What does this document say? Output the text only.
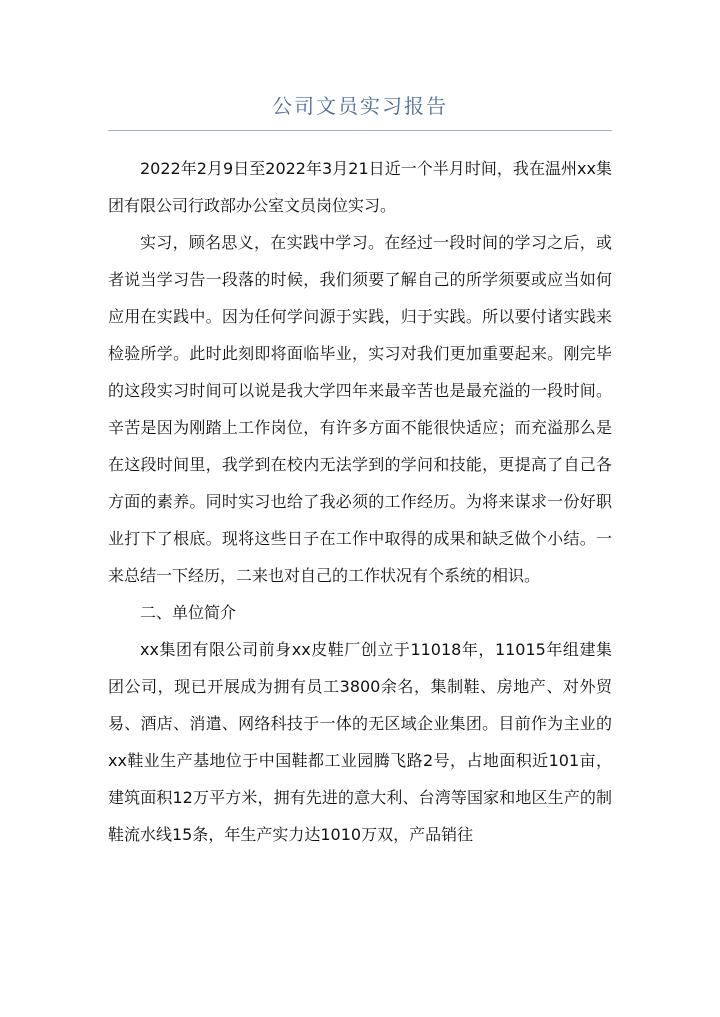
公司文员实习报告

2022年2月9日至2022年3月21日近一个半月时间，我在温州xx集团有限公司行政部办公室文员岗位实习。

实习，顾名思义，在实践中学习。在经过一段时间的学习之后，或者说当学习告一段落的时候，我们须要了解自己的所学须要或应当如何应用在实践中。因为任何学问源于实践，归于实践。所以要付诸实践来检验所学。此时此刻即将面临毕业，实习对我们更加重要起来。刚完毕的这段实习时间可以说是我大学四年来最辛苦也是最充溢的一段时间。辛苦是因为刚踏上工作岗位，有许多方面不能很快适应；而充溢那么是在这段时间里，我学到在校内无法学到的学问和技能，更提高了自己各方面的素养。同时实习也给了我必须的工作经历。为将来谋求一份好职业打下了根底。现将这些日子在工作中取得的成果和缺乏做个小结。一来总结一下经历，二来也对自己的工作状况有个系统的相识。

二、单位简介

xx集团有限公司前身xx皮鞋厂创立于11018年，11015年组建集团公司，现已开展成为拥有员工3800余名，集制鞋、房地产、对外贸易、酒店、消遣、网络科技于一体的无区域企业集团。目前作为主业的xx鞋业生产基地位于中国鞋都工业园腾飞路2号，占地面积近101亩，建筑面积12万平方米，拥有先进的意大利、台湾等国家和地区生产的制鞋流水线15条，年生产实力达1010万双，产品销往
